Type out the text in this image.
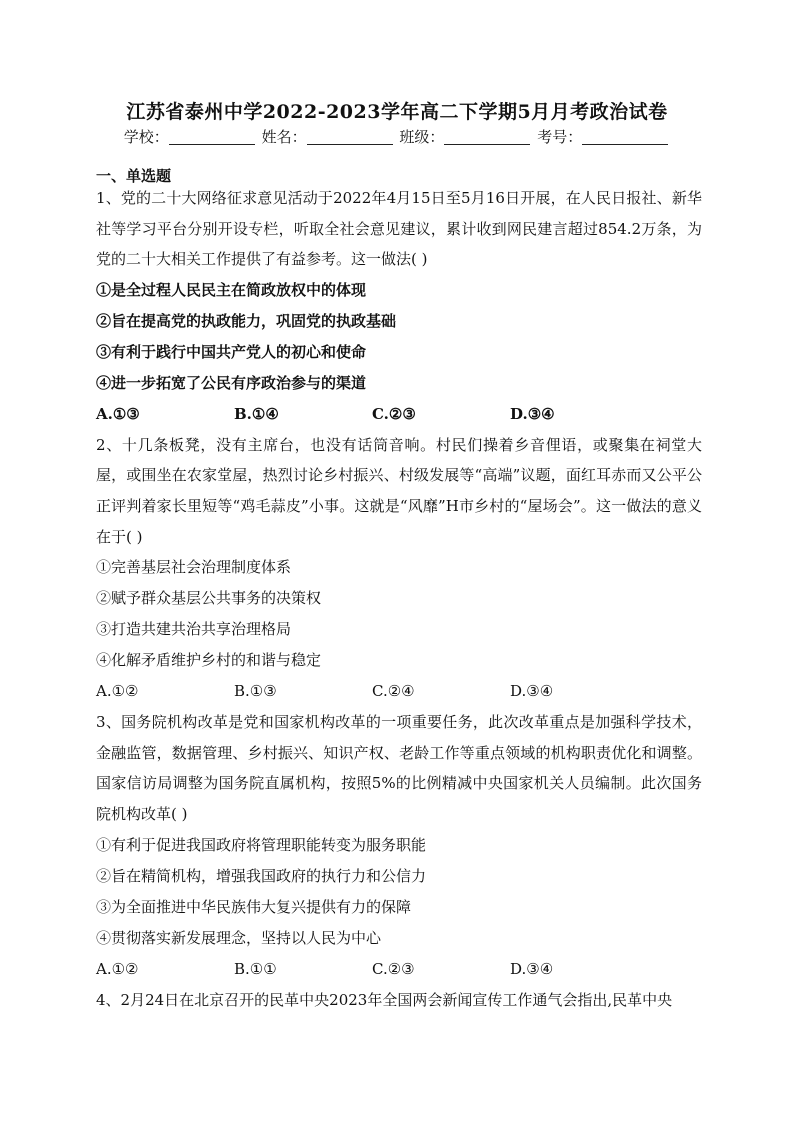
江苏省泰州中学2022-2023学年高二下学期5月月考政治试卷
学校：	姓名：	班级：	考号：
一、单选题

1、党的二十大网络征求意见活动于2022年4月15日至5月16日开展，在人民日报社、新华社等学习平台分别开设专栏，听取全社会意见建议，累计收到网民建言超过854.2万条，为党的二十大相关工作提供了有益参考。这一做法( )

①是全过程人民民主在简政放权中的体现

②旨在提高党的执政能力，巩固党的执政基础

③有利于践行中国共产党人的初心和使命

④进一步拓宽了公民有序政治参与的渠道

A.①③	B.①④	C.②③	D.③④

2、十几条板凳，没有主席台，也没有话筒音响。村民们操着乡音俚语，或聚集在祠堂大屋，或围坐在农家堂屋，热烈讨论乡村振兴、村级发展等“高端”议题，面红耳赤而又公平公正评判着家长里短等“鸡毛蒜皮”小事。这就是“风靡”H市乡村的“屋场会”。这一做法的意义在于( )

①完善基层社会治理制度体系

②赋予群众基层公共事务的决策权

③打造共建共治共享治理格局

④化解矛盾维护乡村的和谐与稳定

A.①②	B.①③	C.②④	D.③④

3、国务院机构改革是党和国家机构改革的一项重要任务，此次改革重点是加强科学技术，金融监管，数据管理、乡村振兴、知识产权、老龄工作等重点领域的机构职责优化和调整。国家信访局调整为国务院直属机构，按照5%的比例精减中央国家机关人员编制。此次国务院机构改革( )

①有利于促进我国政府将管理职能转变为服务职能

②旨在精简机构，增强我国政府的执行力和公信力

③为全面推进中华民族伟大复兴提供有力的保障

④贯彻落实新发展理念，坚持以人民为中心

A.①②	B.①①	C.②③	D.③④

4、2月24日在北京召开的民革中央2023年全国两会新闻宣传工作通气会指出,民革中央
